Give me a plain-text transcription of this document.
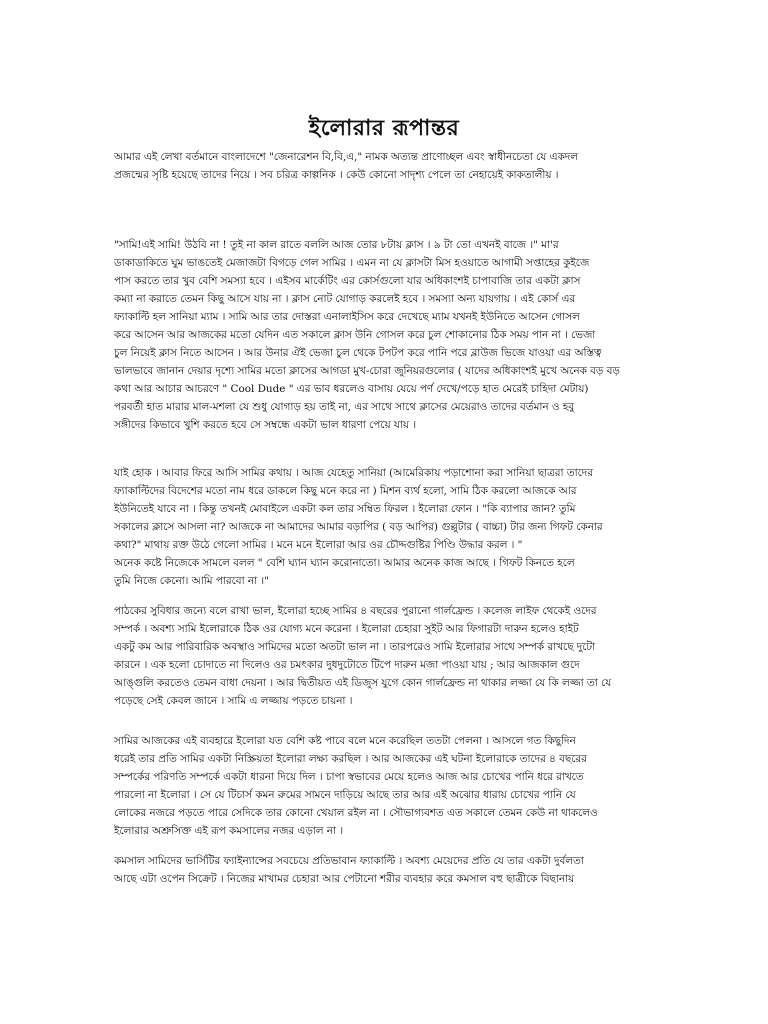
ইলোরার রূপান্তর

আমার এই লেখা বর্তমানে বাংলাদেশে "জেনারেশন বি,বি,এ," নামক অত্যন্ত প্রাণোচ্ছল এবং স্বাধীনচেতা যে একদল
প্রজন্মের সৃষ্টি হয়েছে তাদের নিয়ে । সব চরিত্র কাল্পনিক । কেউ কোনো সাদৃশ্য পেলে তা নেহায়েই কাকতালীয় ।

"সামি!এই সামি! উঠবি না ! তুই না কাল রাতে বললি আজ তোর ৮টায় ক্লাস । ৯ টা তো এখনই বাজে ।" মা'র
ডাকাডাকিতে ঘুম ভাঙতেই মেজাজটা বিগড়ে গেল সামির । এমন না যে ক্লাসটা মিস হওয়াতে আগামী সপ্তাহের কুইজে
পাস করতে তার খুব বেশি সমস্যা হবে । এইসব মার্কেটিং এর কোর্সগুলো যার অধিকাংশই চাপাবাজি তার একটা ক্লাস
কম্যা না করাতে তেমন কিছু আসে যায় না । ক্লাস নোট যোগাড় করলেই হবে । সমস্যা অন্য যায়গায় । এই কোর্স এর
ফ্যাকাল্টি হল সানিয়া ম্যাম । সামি আর তার দোস্তরা এনালাইসিস করে দেখেছে ম্যাম যখনই ইউনিতে আসেন গোসল
করে আসেন আর আজকের মতো যেদিন এত সকালে ক্লাস উনি গোসল করে চুল শোকানোর ঠিক সময় পান না । ভেজা
চুল নিয়েই ক্লাস নিতে আসেন । আর উনার ঐই ভেজা চুল থেকে টপটপ করে পানি পরে ব্লাউজ ভিজে যাওয়া এর অস্তিত্ব
ভালভাবে জানান দেয়ার দৃশ্যে সামির মতো ক্লাসের আগডা মুখ-চোরা জুনিয়রগুলোর ( যাদের অধিকাংশই মুখে অনেক বড় বড়
কথা আর আচার আচরণে " Cool Dude " এর ভাব ধরলেও বাসায় যেয়ে পর্ণ দেখে/পড়ে হাত মেরেই চাহিদা মেটায়)
পরবর্তী হাত মারার মাল-মশলা যে শুধু যোগাড় হয় তাই না, এর সাথে সাথে ক্লাসের মেয়েরাও তাদের বর্তমান ও হবু
সঙ্গীদের কিভাবে খুশি করতে হবে সে সম্বন্ধে একটা ভাল ধারণা পেয়ে যায় ।

যাই হোক । আবার ফিরে আসি সামির কথায় । আজ যেহেতু সানিয়া (আমেরিকায় পড়াশোনা করা সানিয়া ছাত্ররা তাদের
ফ্যাকাল্টিদের বিদেশের মতো নাম ধরে ডাকলে কিছু মনে করে না ) মিশন ব্যর্থ হলো, সামি ঠিক করলো আজকে আর
ইউনিতেই যাবে না । কিন্তু তখনই মোবাইলে একটা কল তার সম্বিত ফিরল । ইলোরা ফোন । "কি ব্যাপার জান? তুমি
সকালের ক্লাসে আসলা না? আজকে না আমাদের আমার বড়াপির ( বড় আপির) গুল্লুটার ( বাচ্চা) টার জন্য গিফট কেনার
কথা?" মাথায় রক্ত উঠে গেলো সামির । মনে মনে ইলোরা আর ওর চৌদ্দগুষ্টির পিণ্ডি উদ্ধার করল । "
অনেক কষ্টে নিজেকে সামলে বলল " বেশি ঘ্যান ঘ্যান করোনাতো। আমার অনেক কাজ আছে । গিফট কিনতে হলে
তুমি নিজে কেনো। আমি পারবো না ।"

পাঠকের সুবিধার জন্যে বলে রাখা ভাল, ইলোরা হচ্ছে সামির ৪ বছরের পুরানো গার্লফ্রেন্ড । কলেজ লাইফ থেকেই ওদের
সম্পর্ক । অবশ্য সামি ইলোরাকে ঠিক ওর যোগ্য মনে করেনা । ইলোরা চেহারা সুইট আর ফিগারটা দারুন হলেও হাইট
একটু কম আর পারিবারিক অবস্থাও সামিদের মতো অতটা ভাল না । তারপরেও সামি ইলোরার সাথে সম্পর্ক রাখছে দুটো
কারনে । এক হলো চোদাতে না দিলেও ওর চমৎকার দুধদুটোতে টিপে দারুন মজা পাওয়া যায় ; আর আজকাল গুদে
আঙ্গুলি করতেও তেমন বাধা দেয়না । আর দ্বিতীয়ত এই ডিজুস যুগে কোন গার্লফ্রেন্ড না থাকার লজ্জা যে কি লজ্জা তা যে
পড়েছে সেই কেবল জানে । সামি এ লজ্জায় পড়তে চায়না ।

সামির আজকের এই ব্যবহারে ইলোরা যত বেশি কষ্ট পাবে বলে মনে করেছিল ততটা পেলনা । আসলে গত কিছুদিন
ধরেই তার প্রতি সামির একটা নিস্ক্রিয়তা ইলোরা লক্ষ্য করছিল । আর আজকের এই ঘটনা ইলোরাকে তাদের ৪ বছরের
সম্পর্কের পরিণতি সম্পর্কে একটা ধারনা দিয়ে দিল । চাপা স্বভাবের মেয়ে হলেও আজ আর চোখের পানি ধরে রাখতে
পারলো না ইলোরা । সে যে টিচার্স কমন রুমের সামনে দাড়িয়ে আছে তার আর এই অঝোর ধারায় চোখের পানি যে
লোকের নজরে পড়তে পারে সেদিকে তার কোনো খেয়াল রইল না । সৌভাগ্যবশত এত সকালে তেমন কেউ না থাকলেও
ইলোরার অশ্রুসিক্ত এই রূপ কমসালের নজর এড়াল না ।

কমসাল সামিদের ভার্সিটির ফ্যাইন্যান্সের সবচেয়ে প্রতিভাবান ফ্যাকাল্টি । অবশ্য মেয়েদের প্রতি যে তার একটা দুর্বলতা
আছে এটা ওপেন সিক্রেট । নিজের মাখামর চেহারা আর পেটানো শরীর ব্যবহার করে কমসাল বহু ছাত্রীকে বিছানায়
